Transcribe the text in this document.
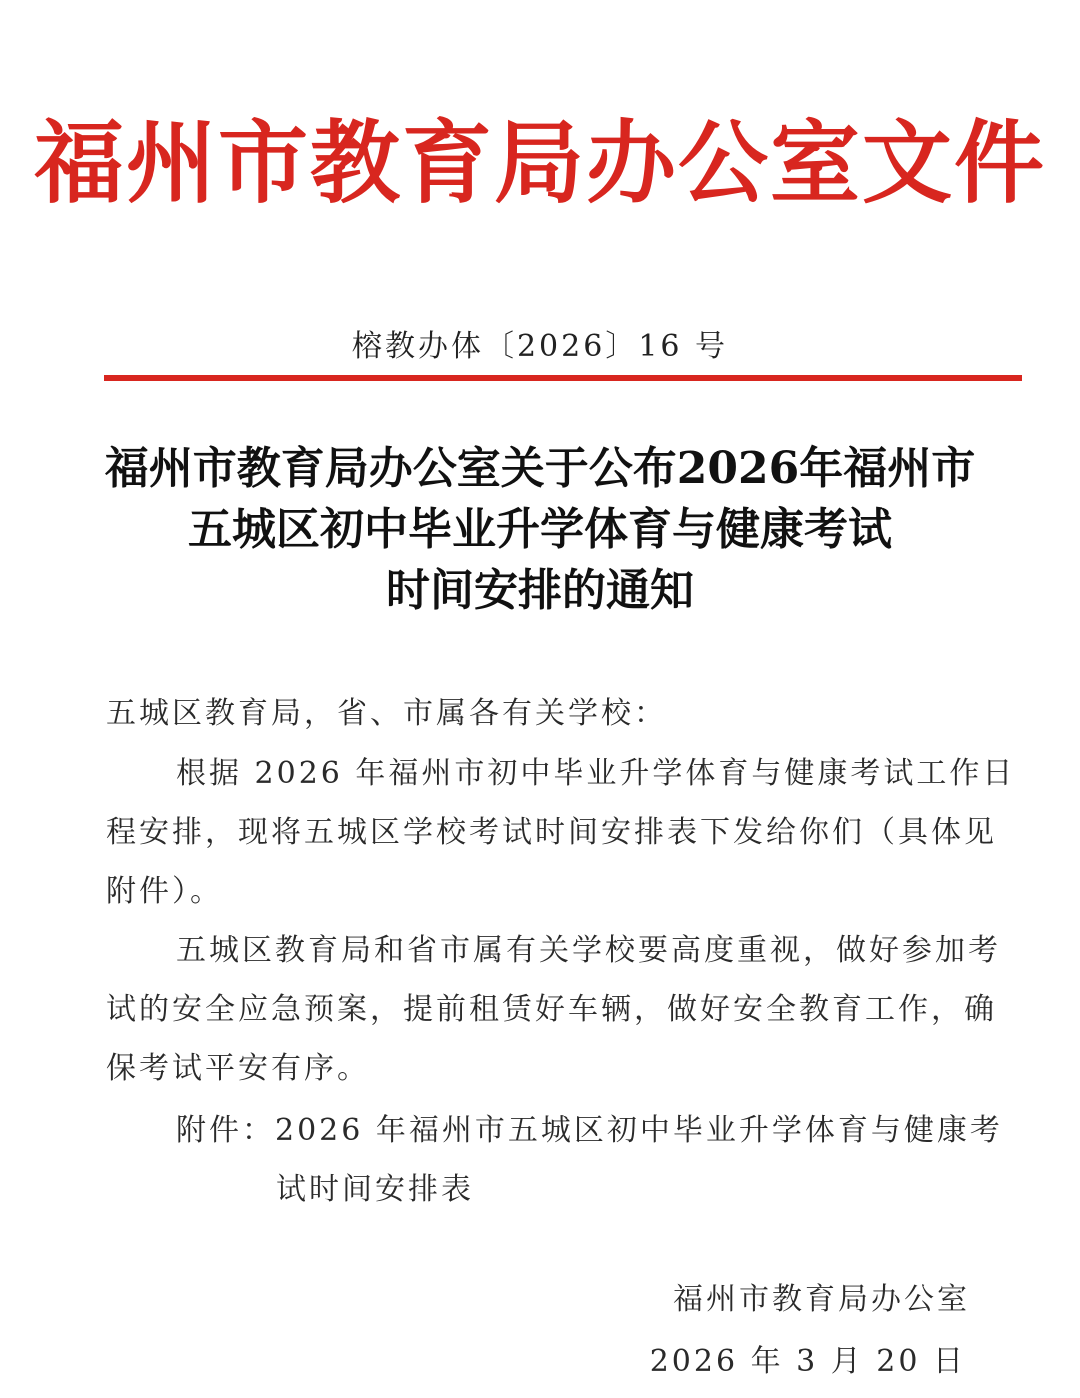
福州市教育局办公室文件
榕教办体〔2026〕16 号
福州市教育局办公室关于公布2026年福州市
五城区初中毕业升学体育与健康考试
时间安排的通知
五城区教育局，省、市属各有关学校：
根据 2026 年福州市初中毕业升学体育与健康考试工作日
程安排，现将五城区学校考试时间安排表下发给你们（具体见
附件）。
五城区教育局和省市属有关学校要高度重视，做好参加考
试的安全应急预案，提前租赁好车辆，做好安全教育工作，确
保考试平安有序。
附件：2026 年福州市五城区初中毕业升学体育与健康考
试时间安排表
福州市教育局办公室
2026 年 3 月 20 日
